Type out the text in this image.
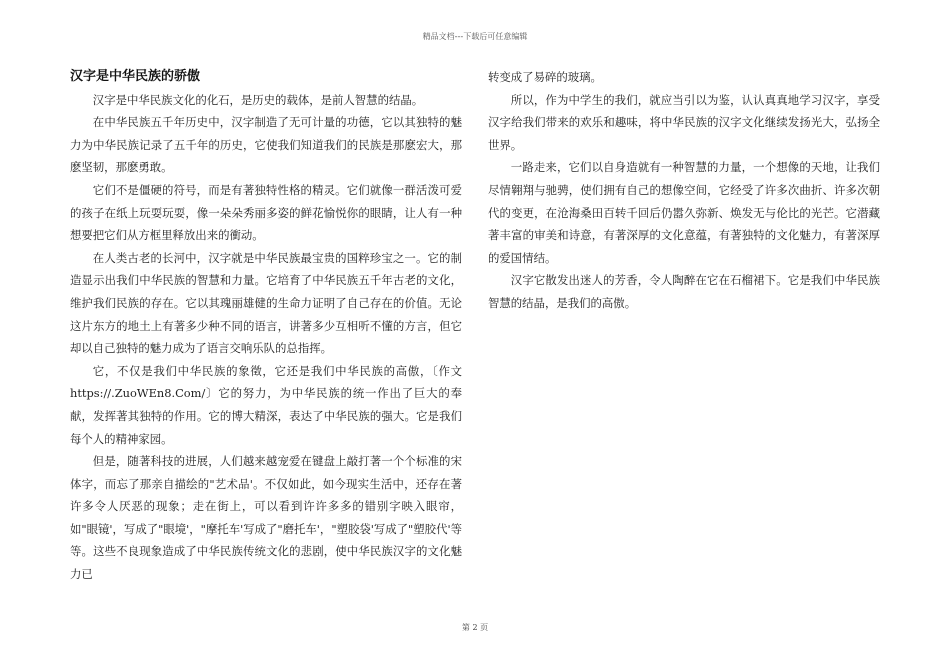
精品文档---下载后可任意编辑
汉字是中华民族的骄傲

汉字是中华民族文化的化石，是历史的载体，是前人智慧的结晶。

在中华民族五千年历史中，汉字制造了无可计量的功德，它以其独特的魅力为中华民族记录了五千年的历史，它使我们知道我们的民族是那麽宏大，那麽坚韧，那麽勇敢。

它们不是僵硬的符号，而是有著独特性格的精灵。它们就像一群活泼可爱的孩子在纸上玩耍玩耍，像一朵朵秀丽多姿的鲜花愉悦你的眼睛，让人有一种想要把它们从方框里释放出来的衝动。

在人类古老的长河中，汉字就是中华民族最宝贵的国粹珍宝之一。它的制造显示出我们中华民族的智慧和力量。它培育了中华民族五千年古老的文化，维护我们民族的存在。它以其瑰丽雄健的生命力证明了自己存在的价值。无论这片东方的地土上有著多少种不同的语言，讲著多少互相听不懂的方言，但它却以自己独特的魅力成为了语言交响乐队的总指挥。

它，不仅是我们中华民族的象徵，它还是我们中华民族的高傲，〔作文https://.ZuoWEn8.Com/〕它的努力，为中华民族的统一作出了巨大的奉献，发挥著其独特的作用。它的博大精深，表达了中华民族的强大。它是我们每个人的精神家园。

但是，随著科技的进展，人们越来越宠爱在键盘上敲打著一个个标准的宋体字，而忘了那亲自描绘的"艺术品'。不仅如此，如今现实生活中，还存在著许多令人厌恶的现象；走在街上，可以看到许许多多的错别字映入眼帘，如"眼镜'，写成了"眼境'，"摩托车'写成了"磨托车'，"塑胶袋'写成了"塑胶代'等等。这些不良现象造成了中华民族传统文化的悲剧，使中华民族汉字的文化魅力已

转变成了易碎的玻璃。

所以，作为中学生的我们，就应当引以为鉴，认认真真地学习汉字，享受汉字给我们带来的欢乐和趣味，将中华民族的汉字文化继续发扬光大，弘扬全世界。

一路走来，它们以自身造就有一种智慧的力量，一个想像的天地，让我们尽情翱翔与驰骋，使们拥有自己的想像空间，它经受了许多次曲折、许多次朝代的变更，在沧海桑田百转千回后仍嚣久弥新、焕发无与伦比的光芒。它潜藏著丰富的审美和诗意，有著深厚的文化意蕴，有著独特的文化魅力，有著深厚的爱国情结。

汉字它散发出迷人的芳香，令人陶醉在它在石榴裙下。它是我们中华民族智慧的结晶，是我们的高傲。

第 2 页
